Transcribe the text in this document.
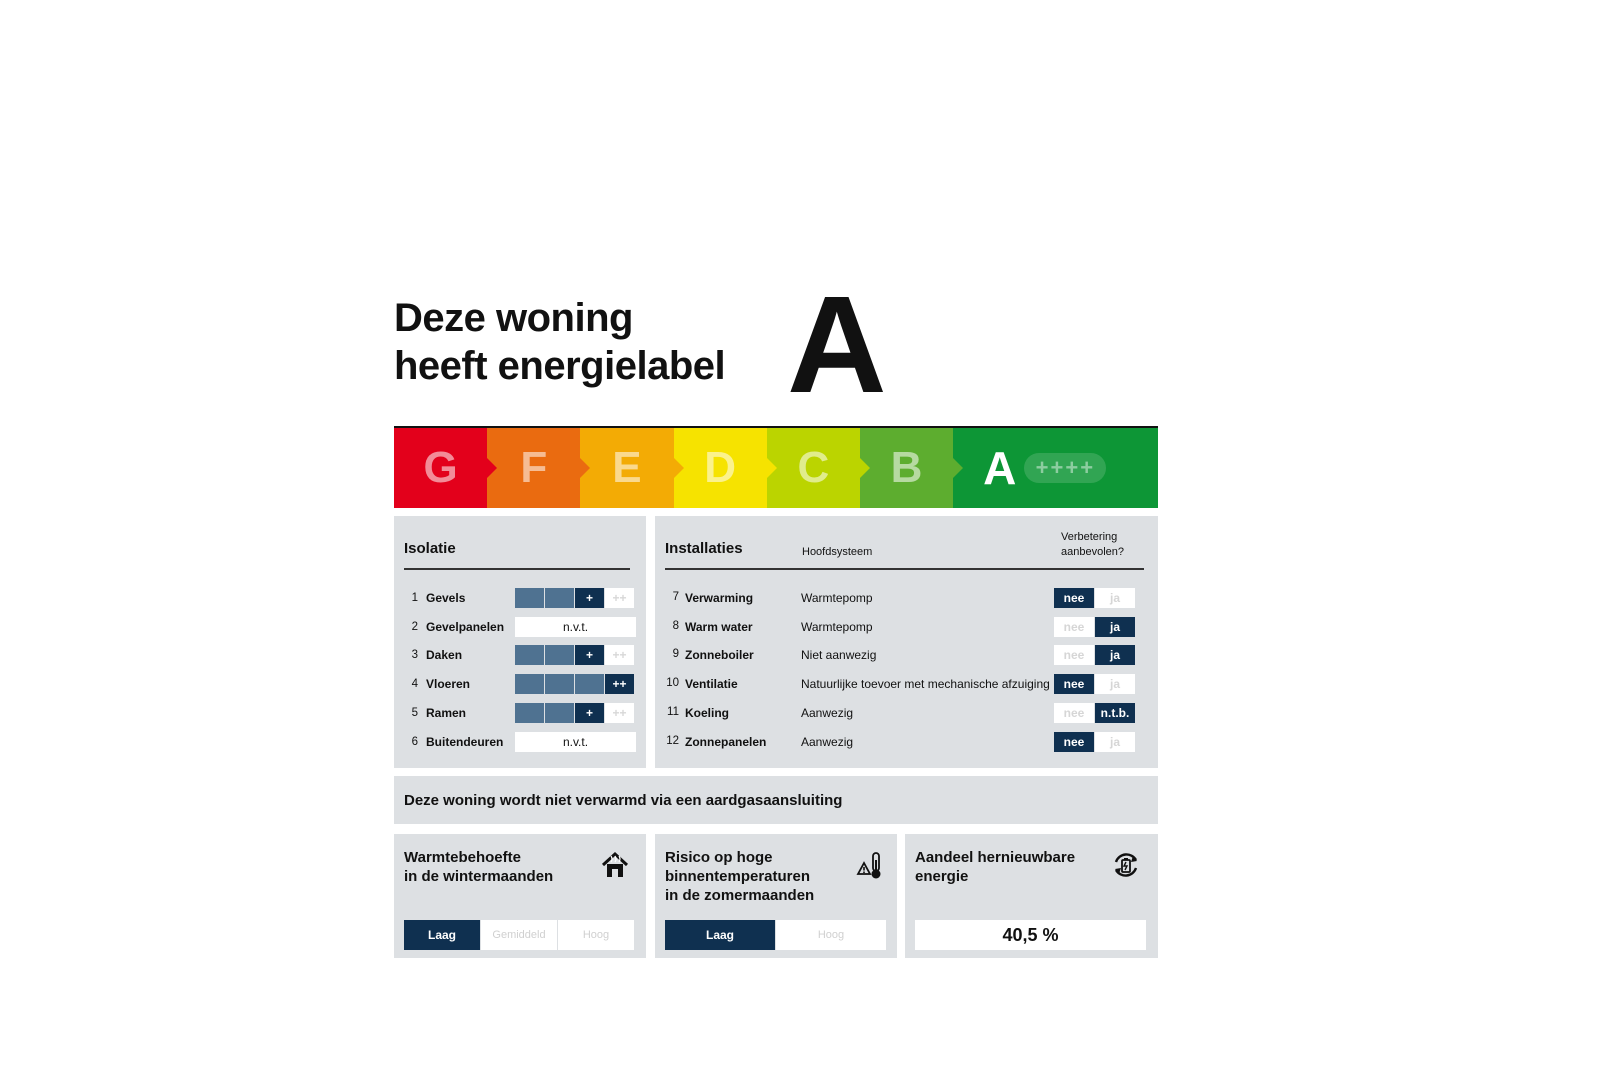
Deze woning
heeft energielabel A
G F E D C B A ++++
Isolatie
1 Gevels	+	++
2 Gevelpanelen	n.v.t.
3 Daken	+	++
4 Vloeren	++
5 Ramen	+	++
6 Buitendeuren	n.v.t.
Installaties	Hoofdsysteem
Verbetering
aanbevolen?
7 Verwarming	Warmtepomp	nee	ja
8 Warm water	Warmtepomp	nee	ja
9 Zonneboiler	Niet aanwezig	nee	ja
10 Ventilatie	Natuurlijke toevoer met mechanische afzuiging	nee	ja
11 Koeling	Aanwezig	nee	n.t.b.
12 Zonnepanelen	Aanwezig	nee	ja
Deze woning wordt niet verwarmd via een aardgasaansluiting
Warmtebehoefte
in de wintermaanden
Laag	Gemiddeld	Hoog
Risico op hoge
binnentemperaturen
in de zomermaanden
Laag	Hoog
Aandeel hernieuwbare
energie
40,5 %
